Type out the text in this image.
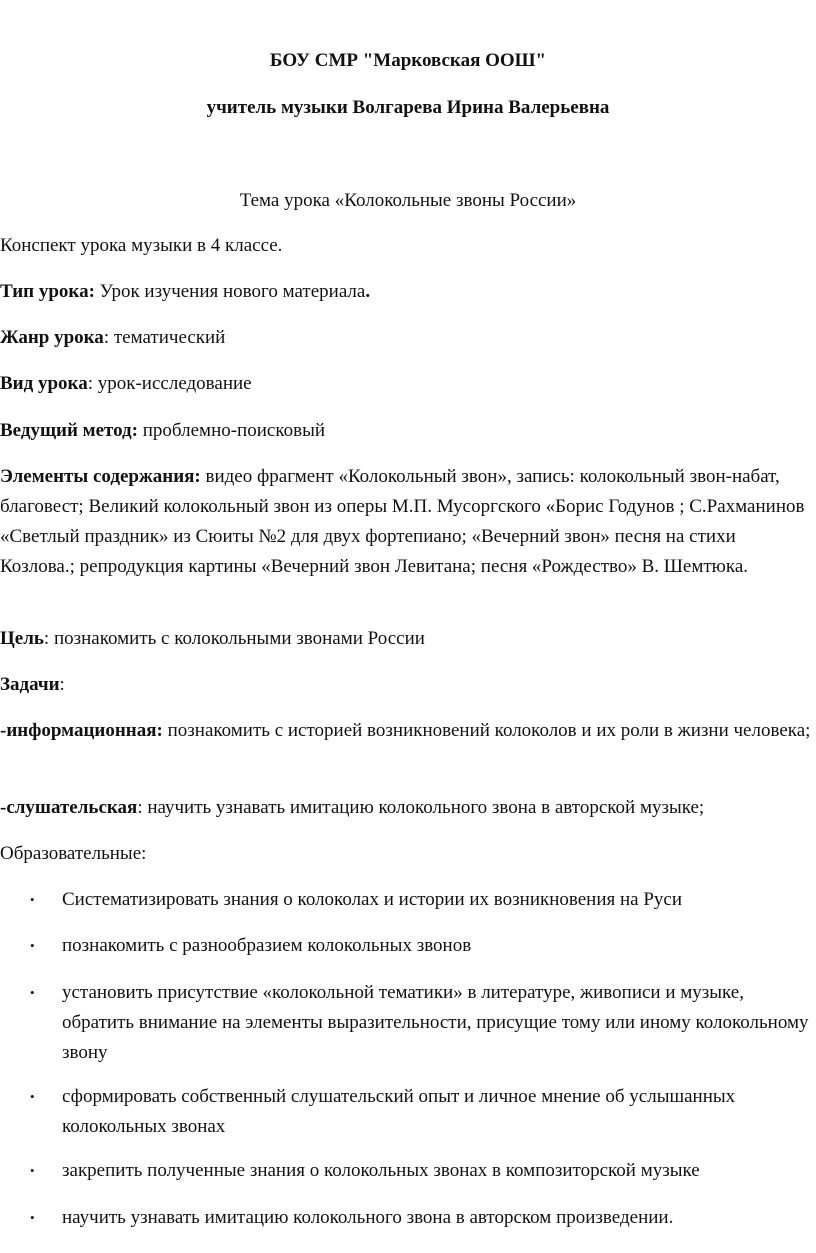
БОУ СМР "Марковская ООШ"
учитель музыки Волгарева Ирина Валерьевна
Тема урока «Колокольные звоны России»
Конспект урока музыки в 4 классе.
Тип урока: Урок изучения нового материала.
Жанр урока: тематический
Вид урока: урок-исследование
Ведущий метод: проблемно-поисковый
Элементы содержания: видео фрагмент «Колокольный звон», запись: колокольный звон-набат, благовест; Великий колокольный звон из оперы М.П. Мусоргского «Борис Годунов ; С.Рахманинов «Светлый праздник» из Сюиты №2 для двух фортепиано; «Вечерний звон» песня на стихи Козлова.; репродукция картины «Вечерний звон Левитана; песня «Рождество» В. Шемтюка.
Цель: познакомить с колокольными звонами России
Задачи:
-информационная: познакомить с историей возникновений колоколов и их роли в жизни человека;
-слушательская: научить узнавать имитацию колокольного звона в авторской музыке;
Образовательные:
• Систематизировать знания о колоколах и истории их возникновения на Руси
• познакомить с разнообразием колокольных звонов
• установить присутствие «колокольной тематики» в литературе, живописи и музыке, обратить внимание на элементы выразительности, присущие тому или иному колокольному звону
• сформировать собственный слушательский опыт и личное мнение об услышанных колокольных звонах
• закрепить полученные знания о колокольных звонах в композиторской музыке
• научить узнавать имитацию колокольного звона в авторском произведении.
